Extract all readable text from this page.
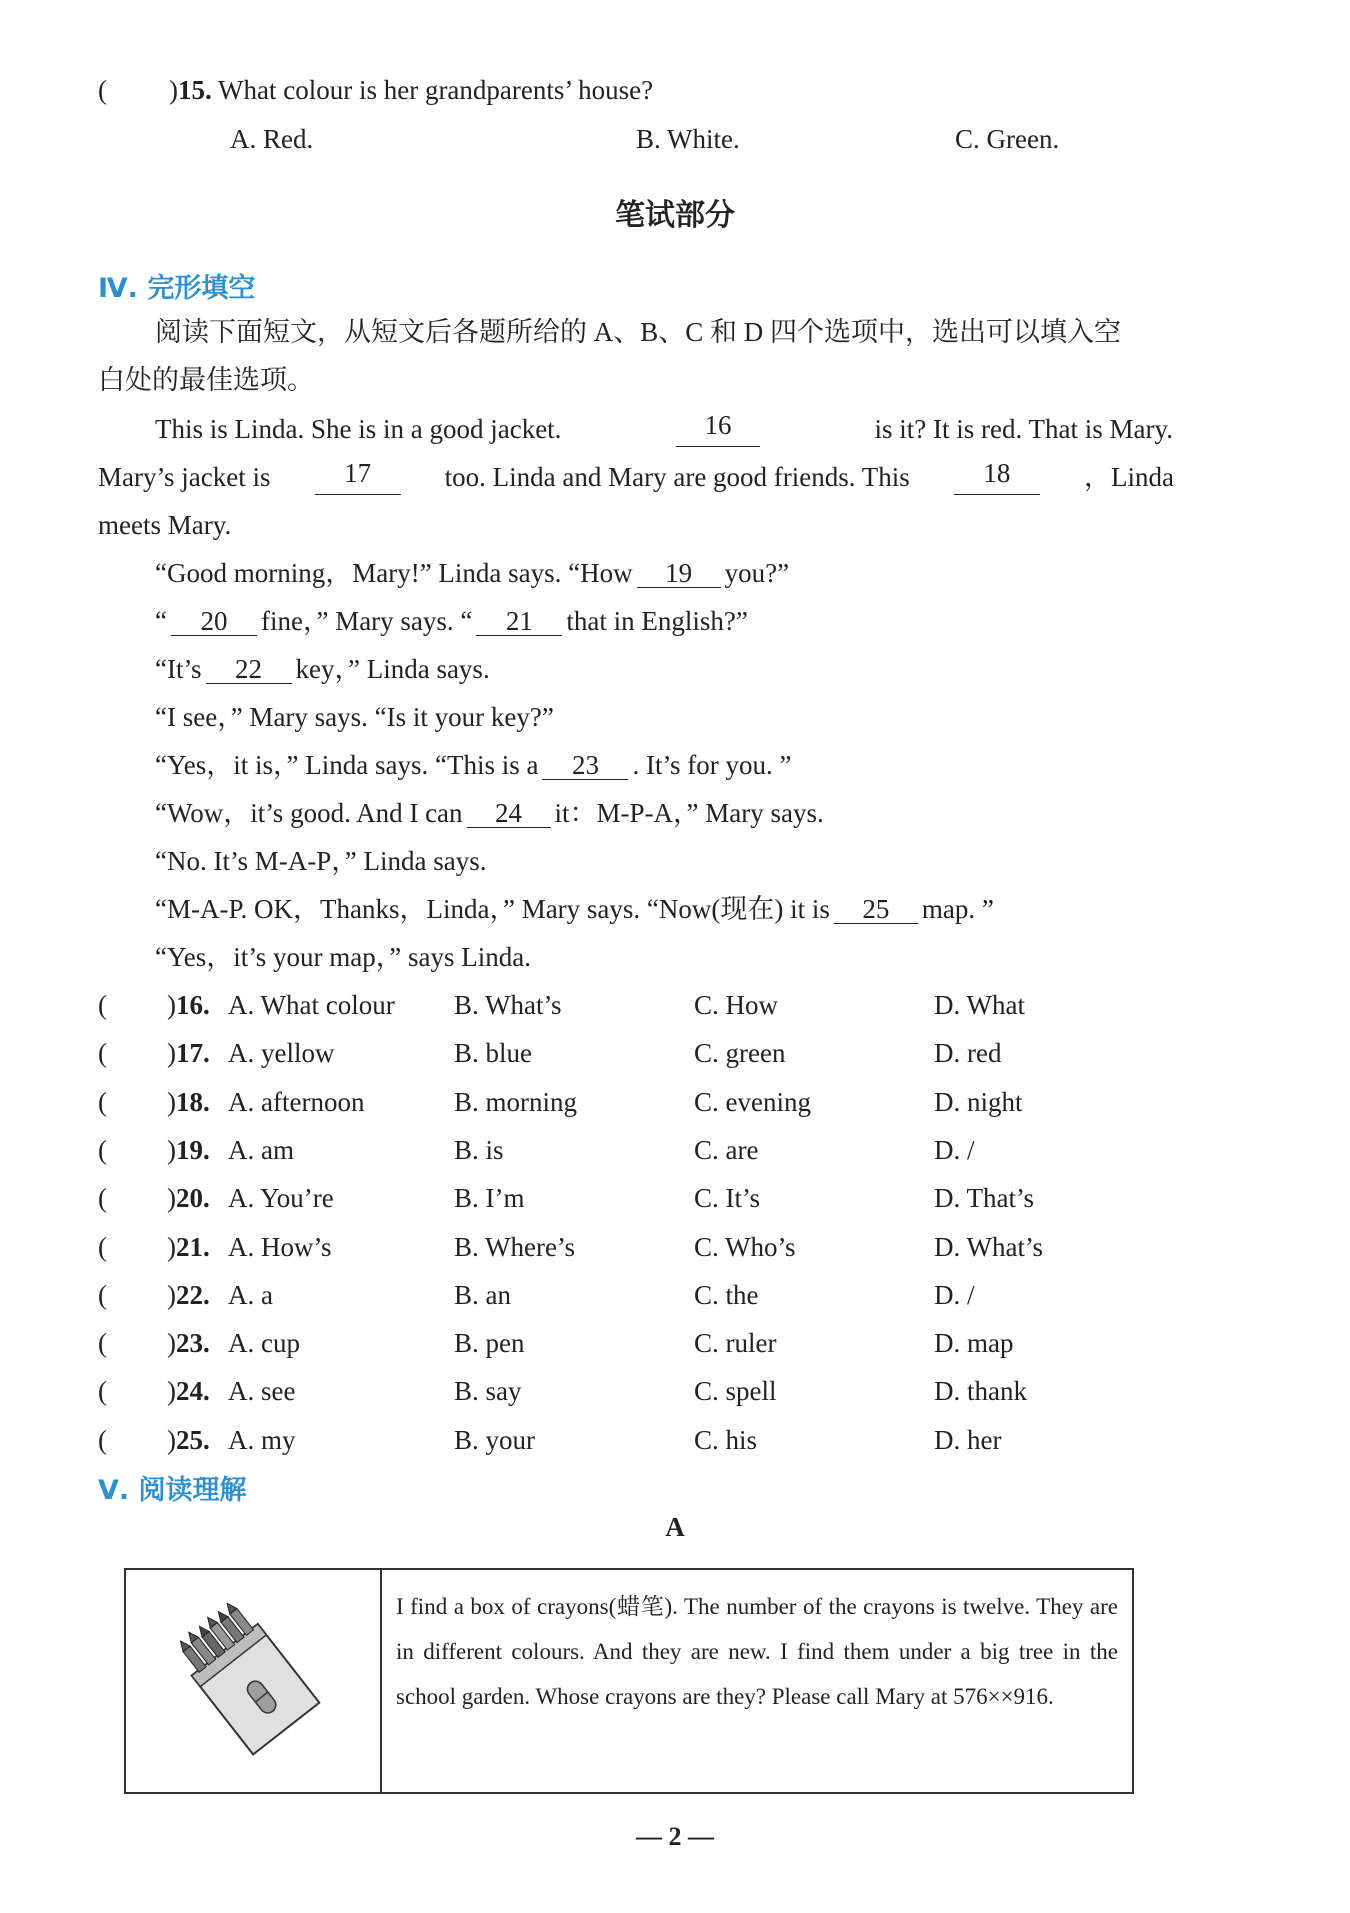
( )15. What colour is her grandparents’ house?
A. Red.	B. White.	C. Green.
笔试部分
Ⅳ. 完形填空
阅读下面短文，从短文后各题所给的 A、B、C 和 D 四个选项中，选出可以填入空
白处的最佳选项。
This is Linda. She is in a good jacket.	16	is it? It is red. That is Mary.
Mary’s jacket is	17	too. Linda and Mary are good friends. This	18	，Linda
meets Mary.
“Good morning，Mary!” Linda says. “How 19 you?”
“ 20 fine，” Mary says. “ 21 that in English?”
“It’s 22 key，” Linda says.
“I see，” Mary says. “Is it your key?”
“Yes，it is，” Linda says. “This is a 23 . It’s for you. ”
“Wow，it’s good. And I can 24 it：M-P-A，” Mary says.
“No. It’s M-A-P，” Linda says.
“M-A-P. OK，Thanks，Linda，” Mary says. “Now(现在) it is 25 map. ”
“Yes，it’s your map，” says Linda.
( )16. A. What colour B. What’s	C. How	D. What
( )17. A. yellow	B. blue	C. green	D. red
( )18. A. afternoon	B. morning	C. evening	D. night
( )19. A. am	B. is	C. are	D. /
( )20. A. You’re	B. I’m	C. It’s	D. That’s
( )21. A. How’s	B. Where’s	C. Who’s	D. What’s
( )22. A. a	B. an	C. the	D. /
( )23. A. cup	B. pen	C. ruler	D. map
( )24. A. see	B. say	C. spell	D. thank
( )25. A. my	B. your	C. his	D. her
Ⅴ. 阅读理解
A
I find a box of crayons(蜡笔). The number of the crayons is twelve. They are in different colours. And they are new. I find them under a big tree in the school garden. Whose crayons are they? Please call Mary at 576××916.
— 2 —
